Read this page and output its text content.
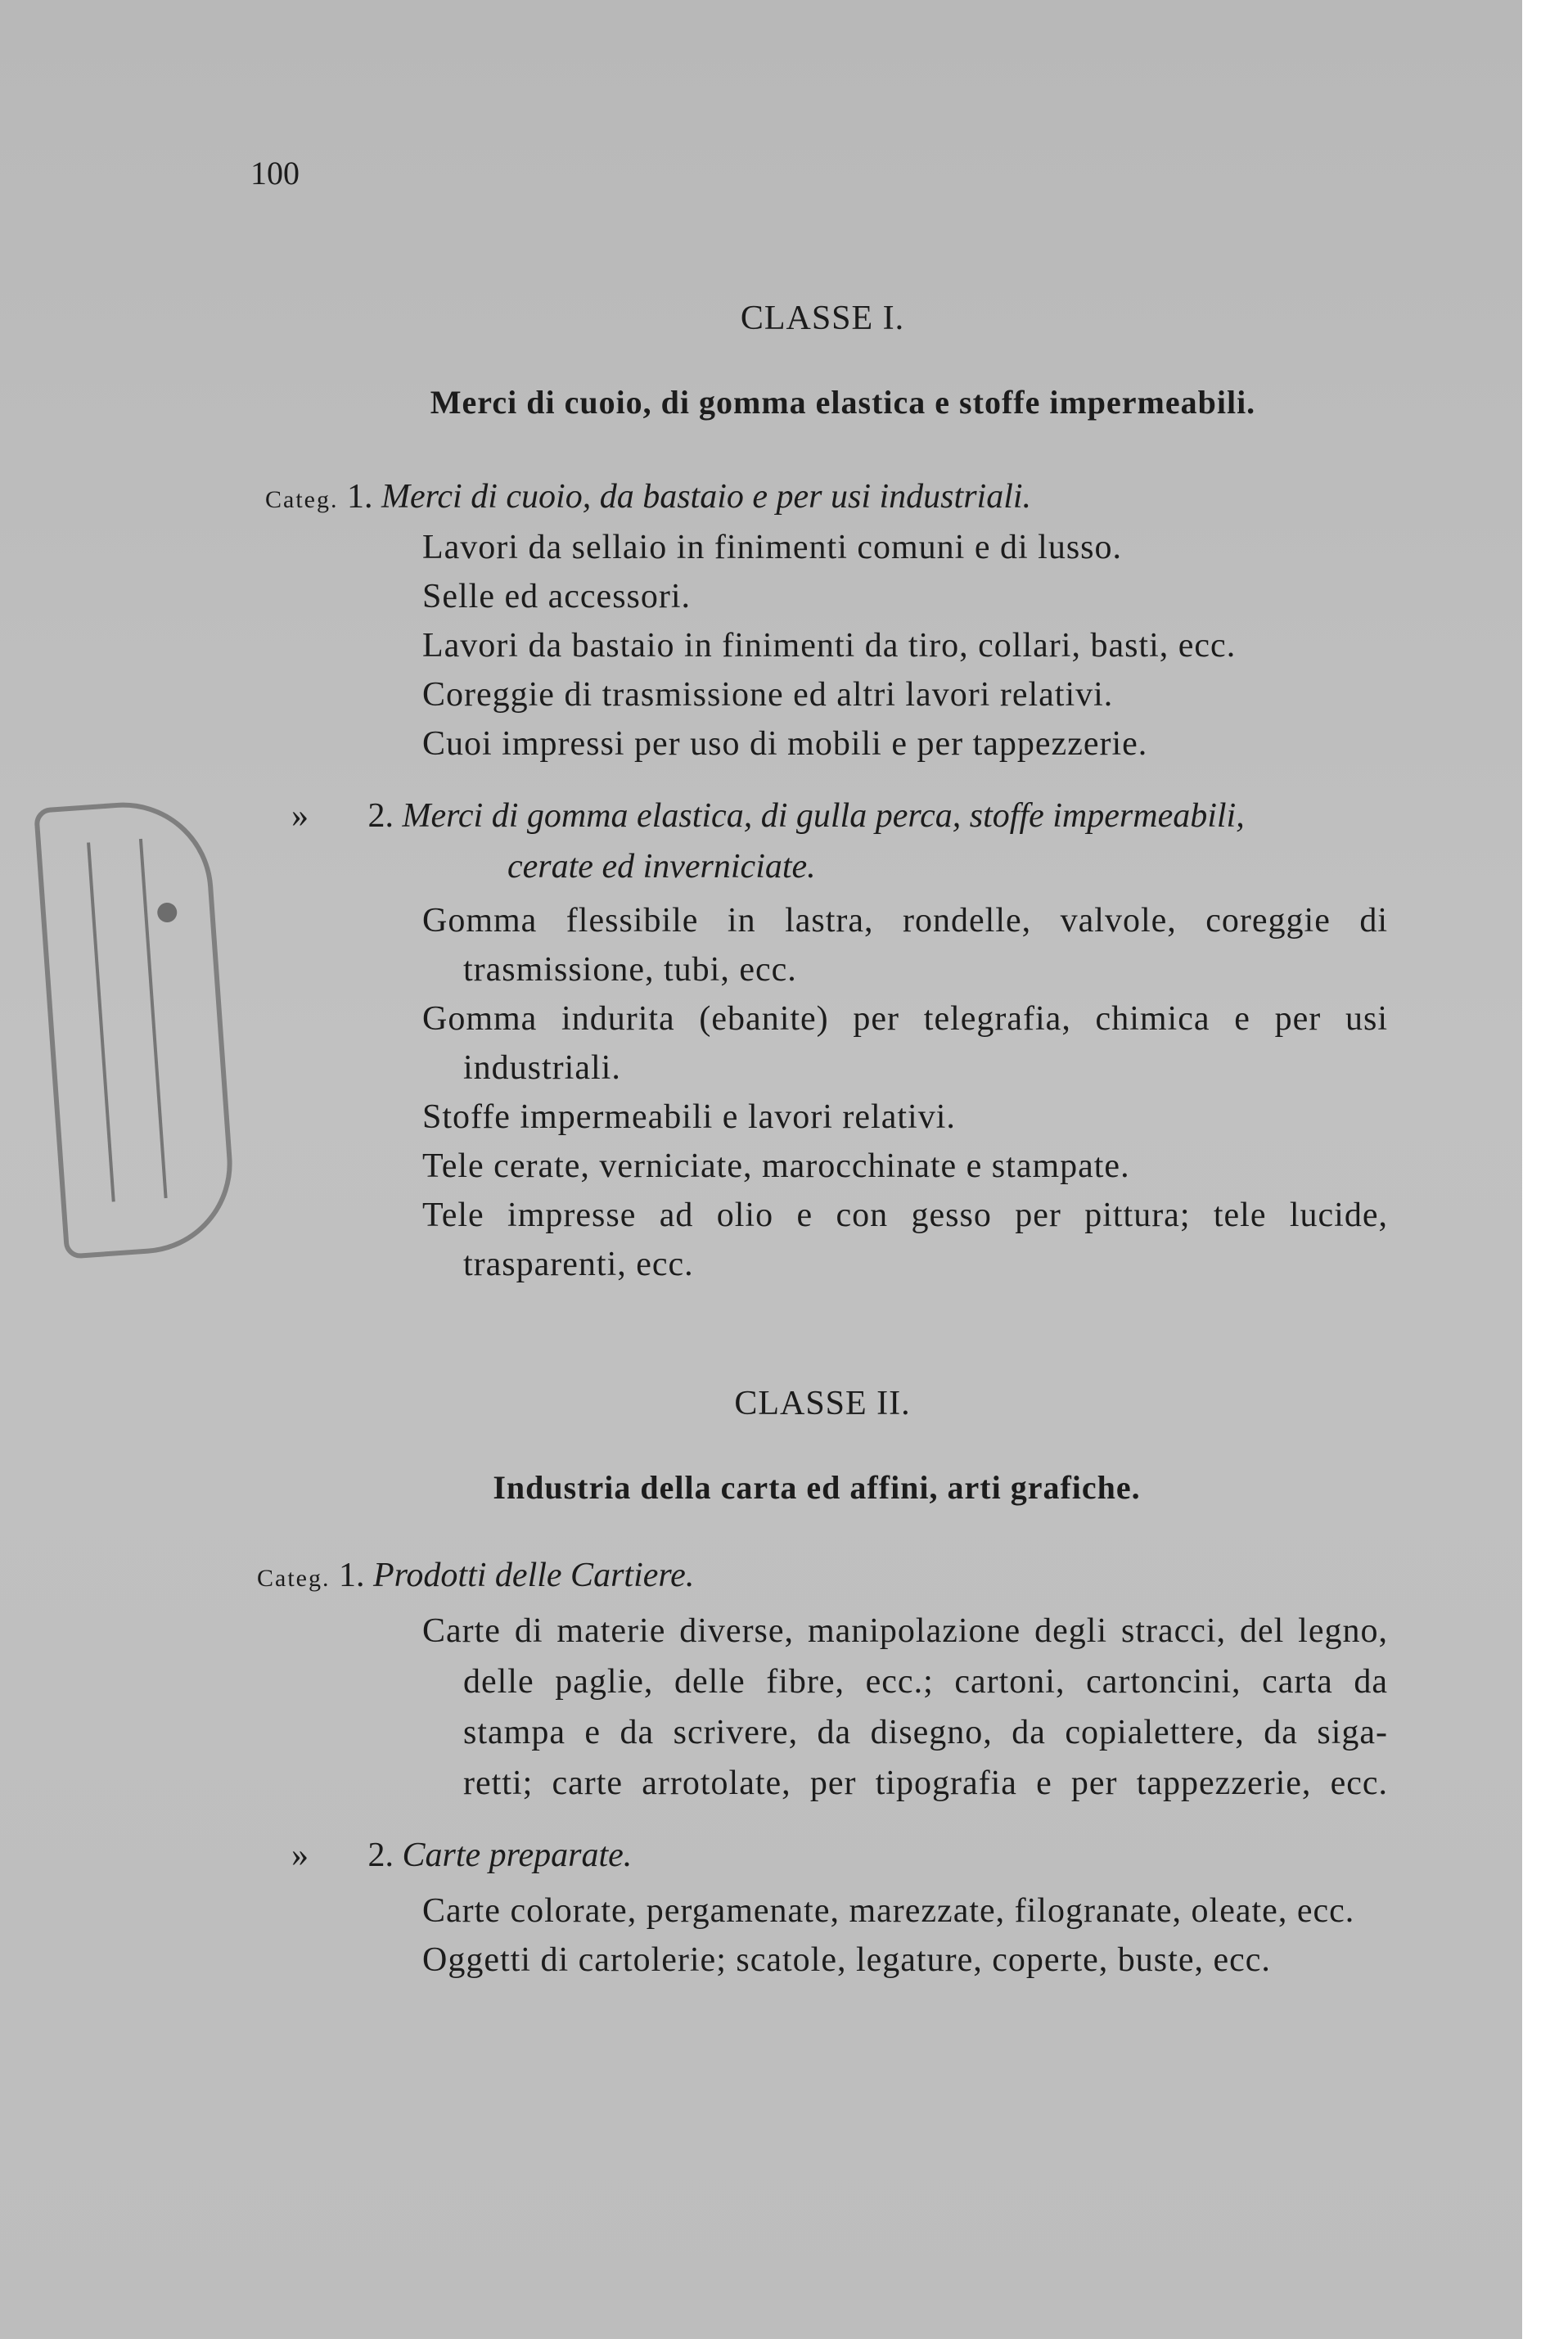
100
CLASSE I.
Merci di cuoio, di gomma elastica e stoffe impermeabili.
Categ. 1. Merci di cuoio, da bastaio e per usi industriali.
Lavori da sellaio in finimenti comuni e di lusso.
Selle ed accessori.
Lavori da bastaio in finimenti da tiro, collari, basti, ecc.
Coreggie di trasmissione ed altri lavori relativi.
Cuoi impressi per uso di mobili e per tappezzerie.
» 2. Merci di gomma elastica, di gulla perca, stoffe impermeabili,
cerate ed inverniciate.
Gomma flessibile in lastra, rondelle, valvole, coreggie di
trasmissione, tubi, ecc.
Gomma indurita (ebanite) per telegrafia, chimica e per usi
industriali.
Stoffe impermeabili e lavori relativi.
Tele cerate, verniciate, marocchinate e stampate.
Tele impresse ad olio e con gesso per pittura; tele lucide,
trasparenti, ecc.
CLASSE II.
Industria della carta ed affini, arti grafiche.
Categ. 1. Prodotti delle Cartiere.
Carte di materie diverse, manipolazione degli stracci, del legno,
delle paglie, delle fibre, ecc.; cartoni, cartoncini, carta da
stampa e da scrivere, da disegno, da copialettere, da siga-
retti; carte arrotolate, per tipografia e per tappezzerie, ecc.
» 2. Carte preparate.
Carte colorate, pergamenate, marezzate, filogranate, oleate, ecc.
Oggetti di cartolerie; scatole, legature, coperte, buste, ecc.
